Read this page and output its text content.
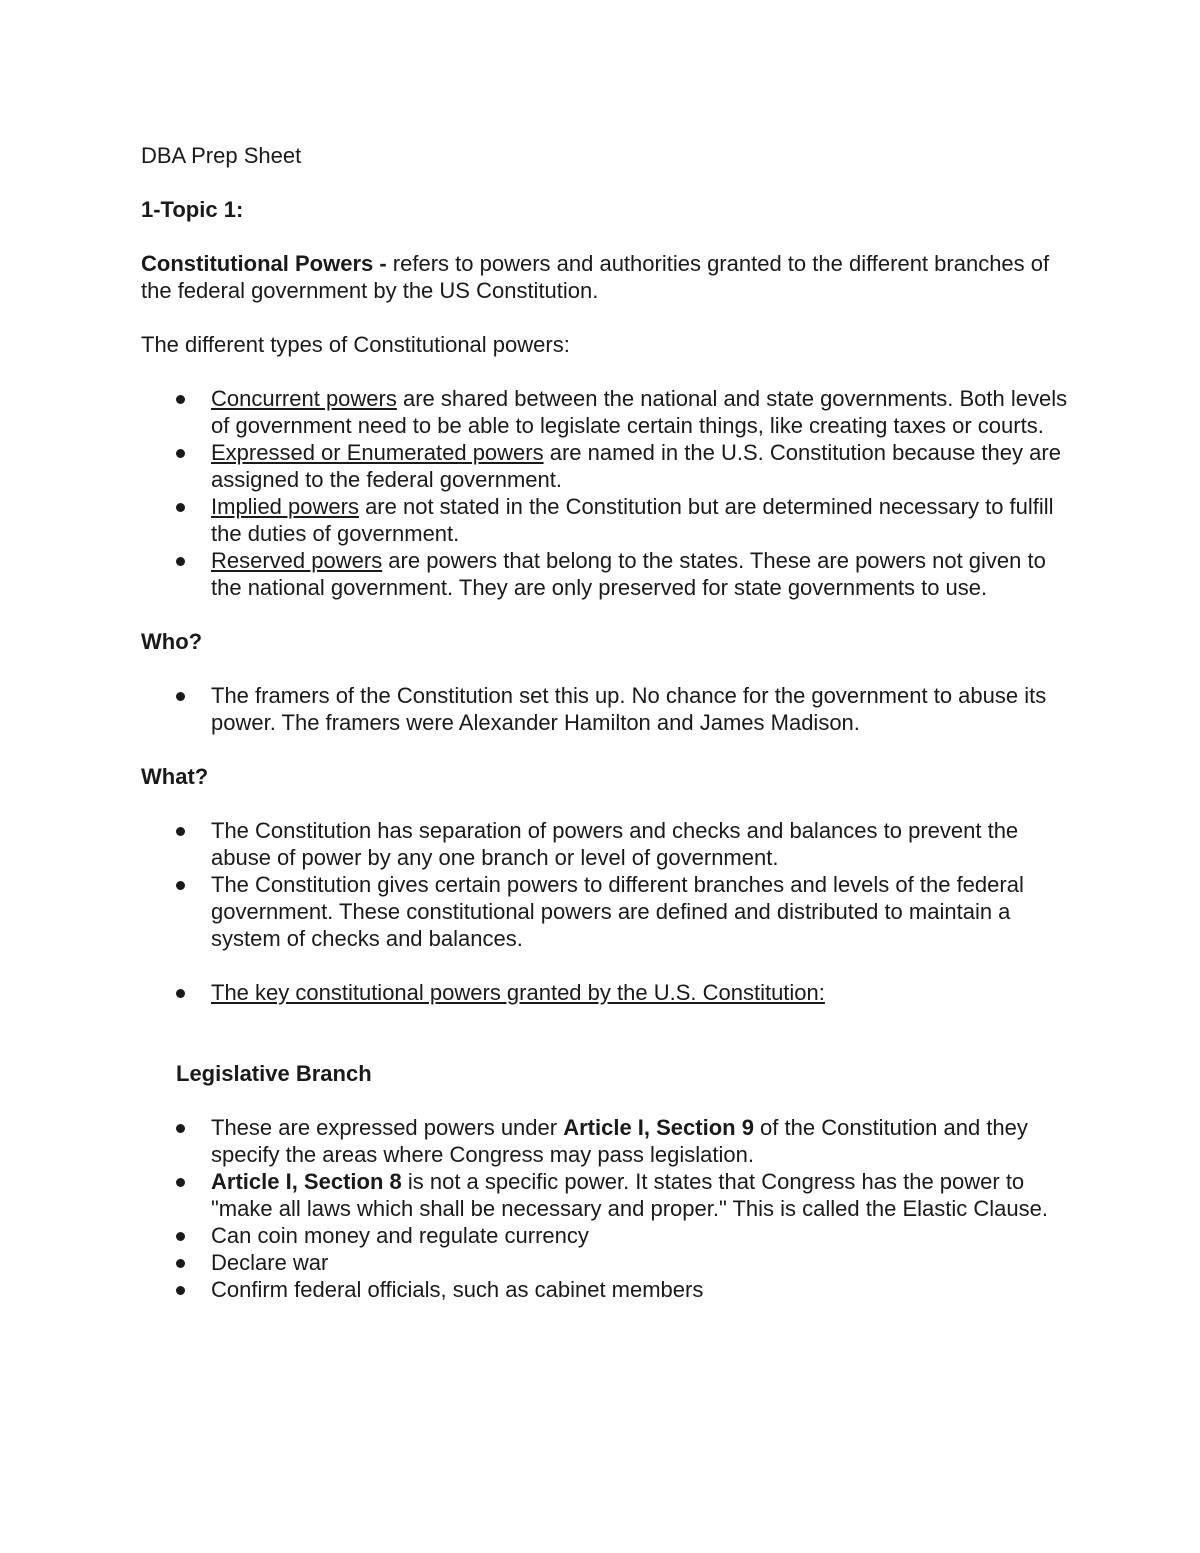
DBA Prep Sheet

1-Topic 1:

Constitutional Powers - refers to powers and authorities granted to the different branches of the federal government by the US Constitution.

The different types of Constitutional powers:

Concurrent powers are shared between the national and state governments. Both levels of government need to be able to legislate certain things, like creating taxes or courts.
Expressed or Enumerated powers are named in the U.S. Constitution because they are assigned to the federal government.
Implied powers are not stated in the Constitution but are determined necessary to fulfill the duties of government.
Reserved powers are powers that belong to the states. These are powers not given to the national government. They are only preserved for state governments to use.

Who?

The framers of the Constitution set this up. No chance for the government to abuse its power. The framers were Alexander Hamilton and James Madison.

What?

The Constitution has separation of powers and checks and balances to prevent the abuse of power by any one branch or level of government.
The Constitution gives certain powers to different branches and levels of the federal government. These constitutional powers are defined and distributed to maintain a system of checks and balances.
The key constitutional powers granted by the U.S. Constitution:

Legislative Branch

These are expressed powers under Article I, Section 9 of the Constitution and they specify the areas where Congress may pass legislation.
Article I, Section 8 is not a specific power. It states that Congress has the power to "make all laws which shall be necessary and proper." This is called the Elastic Clause.
Can coin money and regulate currency
Declare war
Confirm federal officials, such as cabinet members
